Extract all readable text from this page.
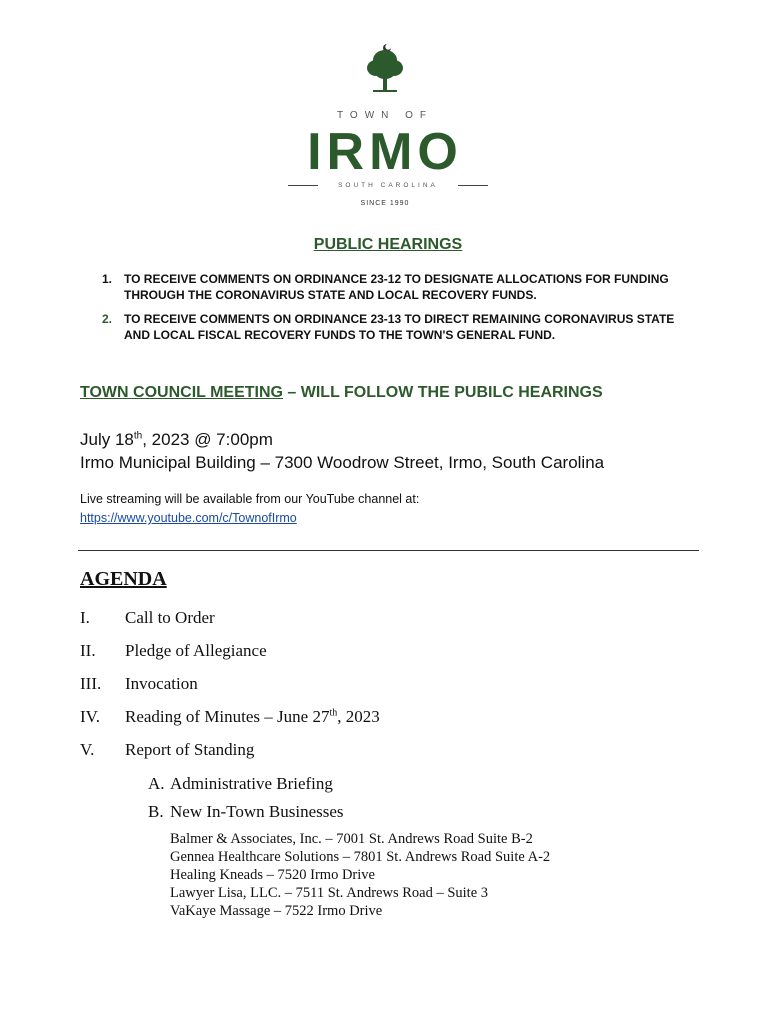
TOWN OF
IRMO
SOUTH CAROLINA
SINCE 1990
PUBLIC HEARINGS
1. TO RECEIVE COMMENTS ON ORDINANCE 23-12 TO DESIGNATE ALLOCATIONS FOR FUNDING THROUGH THE CORONAVIRUS STATE AND LOCAL RECOVERY FUNDS.
2. TO RECEIVE COMMENTS ON ORDINANCE 23-13 TO DIRECT REMAINING CORONAVIRUS STATE AND LOCAL FISCAL RECOVERY FUNDS TO THE TOWN'S GENERAL FUND.
TOWN COUNCIL MEETING – WILL FOLLOW THE PUBILC HEARINGS
July 18th, 2023 @ 7:00pm
Irmo Municipal Building – 7300 Woodrow Street, Irmo, South Carolina
Live streaming will be available from our YouTube channel at:
https://www.youtube.com/c/TownofIrmo
AGENDA
I.	Call to Order
II.	Pledge of Allegiance
III.	Invocation
IV.	Reading of Minutes – June 27th, 2023
V.	Report of Standing
A. Administrative Briefing
B. New In-Town Businesses
Balmer & Associates, Inc. – 7001 St. Andrews Road Suite B-2
Gennea Healthcare Solutions – 7801 St. Andrews Road Suite A-2
Healing Kneads – 7520 Irmo Drive
Lawyer Lisa, LLC. – 7511 St. Andrews Road – Suite 3
VaKaye Massage – 7522 Irmo Drive
